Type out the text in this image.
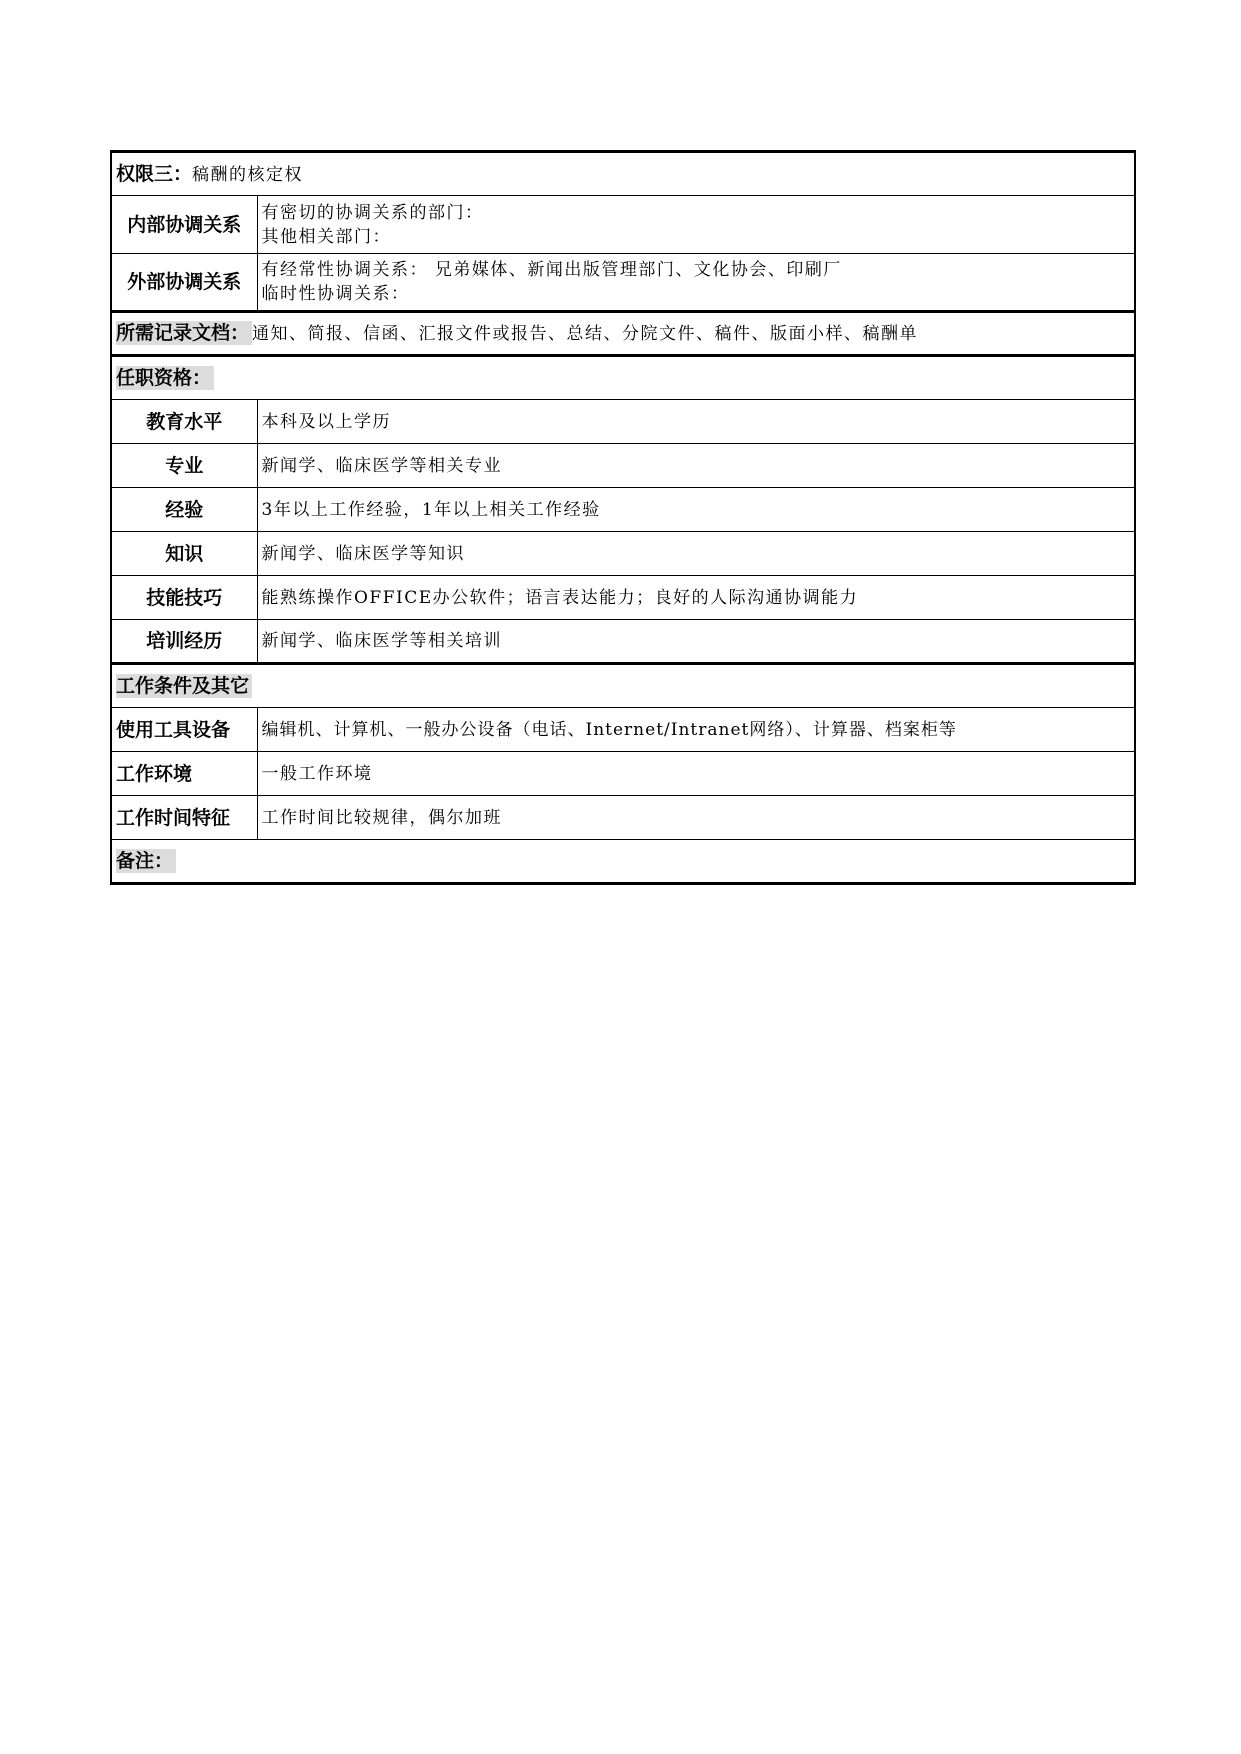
权限三：稿酬的核定权	
内部协调关系	有密切的协调关系的部门：
其他相关部门：

外部协调关系	有经常性协调关系： 兄弟媒体、新闻出版管理部门、文化协会、印刷厂
临时性协调关系：

所需记录文档： 通知、简报、信函、汇报文件或报告、总结、分院文件、稿件、版面小样、稿酬单	
任职资格：	
教育水平	本科及以上学历
专业	新闻学、临床医学等相关专业
经验	3年以上工作经验，1年以上相关工作经验
知识	新闻学、临床医学等知识
技能技巧	能熟练操作OFFICE办公软件；语言表达能力；良好的人际沟通协调能力
培训经历	新闻学、临床医学等相关培训
工作条件及其它	
使用工具设备	编辑机、计算机、一般办公设备（电话、Internet/Intranet网络）、计算器、档案柜等
工作环境	一般工作环境
工作时间特征	工作时间比较规律，偶尔加班
备注：	
